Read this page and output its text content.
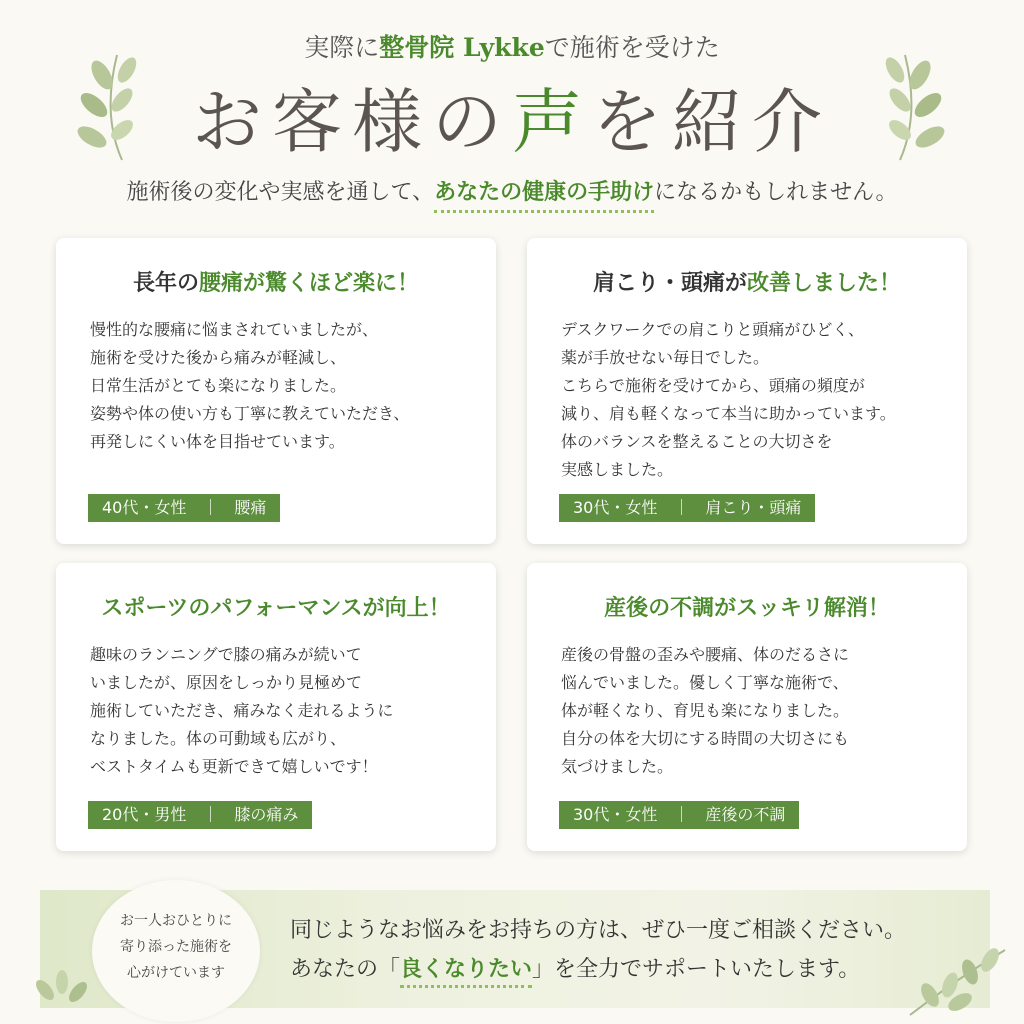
実際に整骨院 Lykkeで施術を受けた
お客様の声を紹介
施術後の変化や実感を通して、あなたの健康の手助けになるかもしれません。
長年の腰痛が驚くほど楽に！
慢性的な腰痛に悩まされていましたが、
施術を受けた後から痛みが軽減し、
日常生活がとても楽になりました。
姿勢や体の使い方も丁寧に教えていただき、
再発しにくい体を目指せています。
40代・女性　｜　腰痛
肩こり・頭痛が改善しました！
デスクワークでの肩こりと頭痛がひどく、
薬が手放せない毎日でした。
こちらで施術を受けてから、頭痛の頻度が
減り、肩も軽くなって本当に助かっています。
体のバランスを整えることの大切さを
実感しました。
30代・女性　｜　肩こり・頭痛
スポーツのパフォーマンスが向上！
趣味のランニングで膝の痛みが続いて
いましたが、原因をしっかり見極めて
施術していただき、痛みなく走れるように
なりました。体の可動域も広がり、
ベストタイムも更新できて嬉しいです！
20代・男性　｜　膝の痛み
産後の不調がスッキリ解消！
産後の骨盤の歪みや腰痛、体のだるさに
悩んでいました。優しく丁寧な施術で、
体が軽くなり、育児も楽になりました。
自分の体を大切にする時間の大切さにも
気づけました。
30代・女性　｜　産後の不調
お一人おひとりに
寄り添った施術を
心がけています
同じようなお悩みをお持ちの方は、ぜひ一度ご相談ください。
あなたの「良くなりたい」を全力でサポートいたします。
